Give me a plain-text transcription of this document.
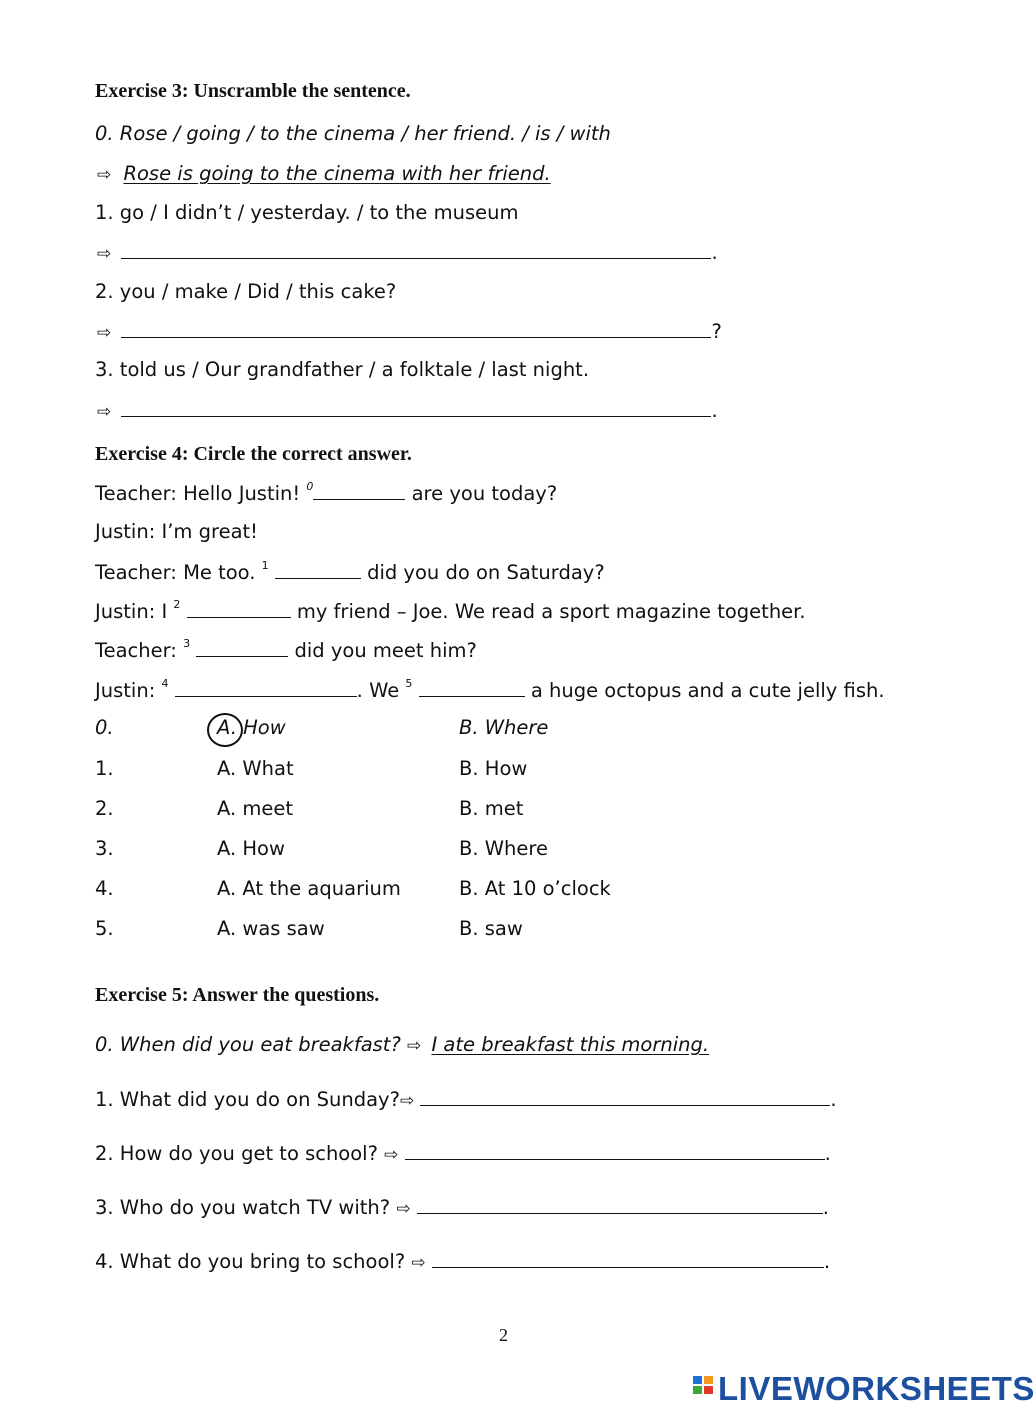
Exercise 3: Unscramble the sentence.
0. Rose / going / to the cinema / her friend. / is / with
⇨ Rose is going to the cinema with her friend.
1. go / I didn’t / yesterday. / to the museum
⇨	.
2. you / make / Did / this cake?
⇨	?
3. told us / Our grandfather / a folktale / last night.
⇨	.
Exercise 4: Circle the correct answer.
Teacher: Hello Justin! $^0$	are you today?
Justin: I’m great!
Teacher: Me too. $^1$	did you do on Saturday?
Justin: I $^2$	my friend – Joe. We read a sport magazine together.
Teacher: $^3$	did you meet him?
Justin: $^4$	. We $^5$	a huge octopus and a cute jelly fish.
0.	A. How	B. Where
1.	A. What	B. How
2.	A. meet	B. met
3.	A. How	B. Where
4.	A. At the aquarium	B. At 10 o’clock
5.	A. was saw	B. saw
Exercise 5: Answer the questions.
0. When did you eat breakfast? ⇨ I ate breakfast this morning.
1. What did you do on Sunday?⇨	.
2. How do you get to school? ⇨	.
3. Who do you watch TV with? ⇨	.
4. What do you bring to school? ⇨	.
2
LIVEWORKSHEETS
